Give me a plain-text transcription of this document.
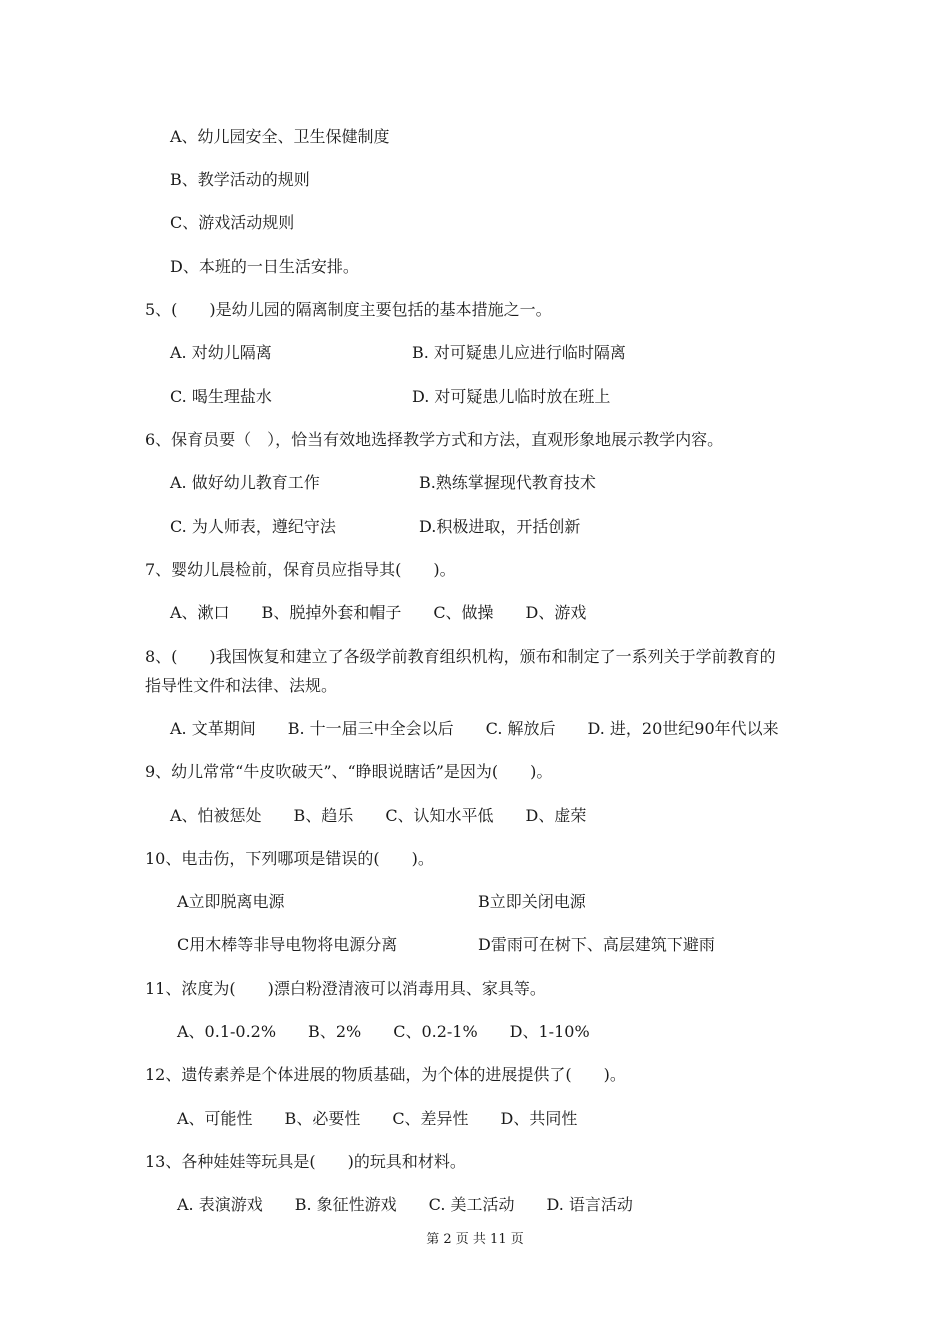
A、幼儿园安全、卫生保健制度
B、教学活动的规则
C、游戏活动规则
D、本班的一日生活安排。
5、(　　)是幼儿园的隔离制度主要包括的基本措施之一。
A. 对幼儿隔离	B. 对可疑患儿应进行临时隔离
C. 喝生理盐水	D. 对可疑患儿临时放在班上
6、保育员要（　），恰当有效地选择教学方式和方法，直观形象地展示教学内容。
A. 做好幼儿教育工作	B.熟练掌握现代教育技术
C. 为人师表，遵纪守法	D.积极进取，开括创新
7、婴幼儿晨检前，保育员应指导其(　　)。
A、漱口　　B、脱掉外套和帽子　　C、做操　　D、游戏
8、(　　)我国恢复和建立了各级学前教育组织机构，颁布和制定了一系列关于学前教育的
指导性文件和法律、法规。
A. 文革期间　　B. 十一届三中全会以后　　C. 解放后　　D. 进，20世纪90年代以来
9、幼儿常常“牛皮吹破天”、“睁眼说瞎话”是因为(　　)。
A、怕被惩处　　B、趋乐　　C、认知水平低　　D、虚荣
10、电击伤，下列哪项是错误的(　　)。
A立即脱离电源	B立即关闭电源
C用木棒等非导电物将电源分离	D雷雨可在树下、高层建筑下避雨
11、浓度为(　　)漂白粉澄清液可以消毒用具、家具等。
A、0.1-0.2%　　B、2%　　C、0.2-1%　　D、1-10%
12、遗传素养是个体进展的物质基础，为个体的进展提供了(　　)。
A、可能性　　B、必要性　　C、差异性　　D、共同性
13、各种娃娃等玩具是(　　)的玩具和材料。
A. 表演游戏　　B. 象征性游戏　　C. 美工活动　　D. 语言活动
第 2 页 共 11 页
